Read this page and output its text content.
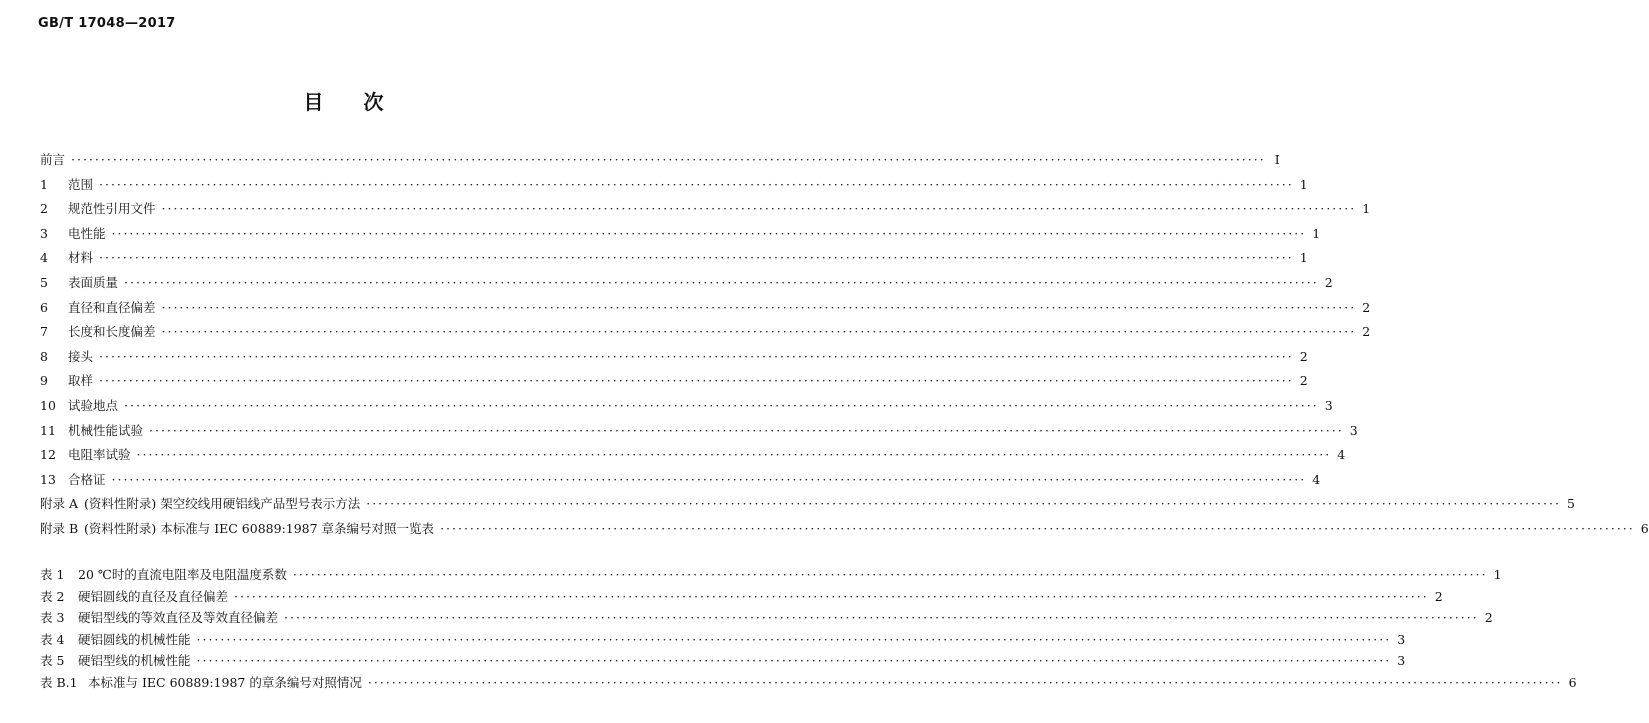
GB/T 17048—2017
目次
前言 ········································································································································································································ I
1	范围 ········································································································································································································ 1
2	规范性引用文件 ········································································································································································································ 1
3	电性能 ········································································································································································································ 1
4	材料 ········································································································································································································ 1
5	表面质量 ········································································································································································································ 2
6	直径和直径偏差 ········································································································································································································ 2
7	长度和长度偏差 ········································································································································································································ 2
8	接头 ········································································································································································································ 2
9	取样 ········································································································································································································ 2
10 试验地点 ········································································································································································································ 3
11 机械性能试验 ········································································································································································································ 3
12 电阻率试验 ········································································································································································································ 4
13 合格证 ········································································································································································································ 4
附录 A (资料性附录) 架空绞线用硬铝线产品型号表示方法 ········································································································································································································ 5
附录 B (资料性附录) 本标准与 IEC 60889:1987 章条编号对照一览表 ········································································································································································································ 6
表 1	20 ℃时的直流电阻率及电阻温度系数 ········································································································································································································ 1
表 2	硬铝圆线的直径及直径偏差 ········································································································································································································ 2
表 3	硬铝型线的等效直径及等效直径偏差 ········································································································································································································ 2
表 4	硬铝圆线的机械性能 ········································································································································································································ 3
表 5	硬铝型线的机械性能 ········································································································································································································ 3
表 B.1 本标准与 IEC 60889:1987 的章条编号对照情况 ········································································································································································································ 6
